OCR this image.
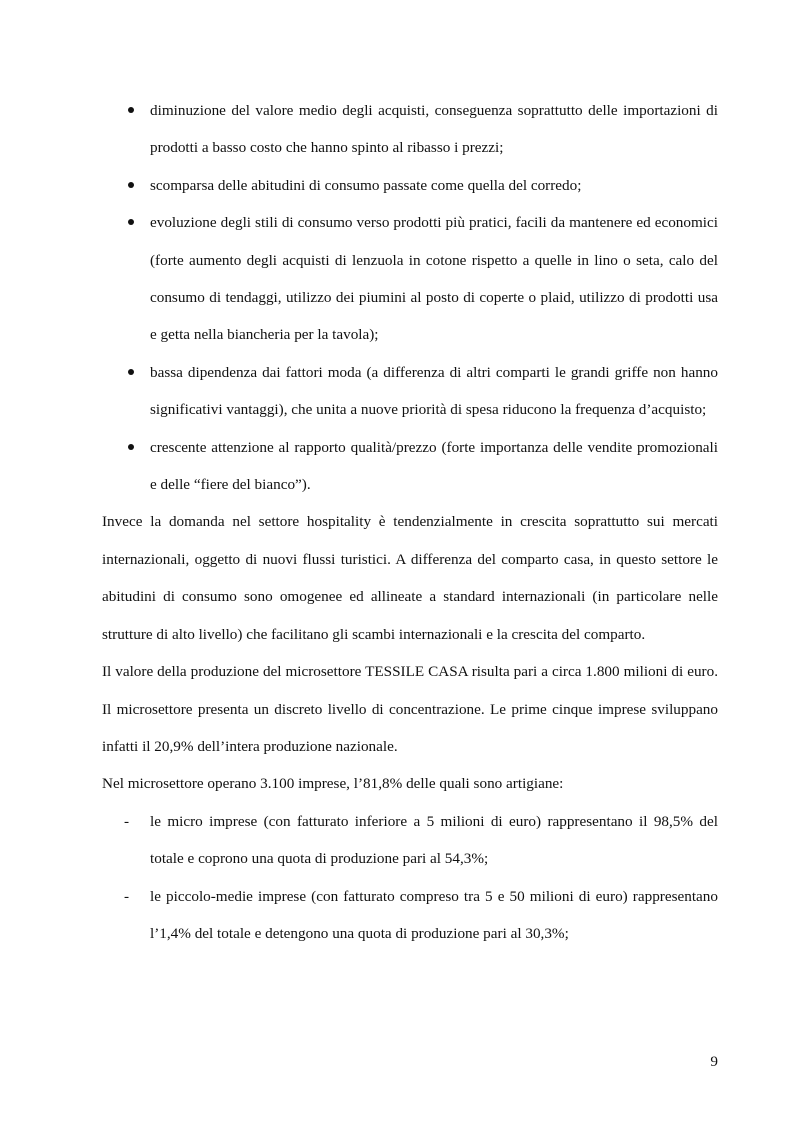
diminuzione del valore medio degli acquisti, conseguenza soprattutto delle importazioni di prodotti a basso costo che hanno spinto al ribasso i prezzi;
scomparsa delle abitudini di consumo passate come quella del corredo;
evoluzione degli stili di consumo verso prodotti più pratici, facili da mantenere ed economici (forte aumento degli acquisti di lenzuola in cotone rispetto a quelle in lino o seta, calo del consumo di tendaggi, utilizzo dei piumini al posto di coperte o plaid, utilizzo di prodotti usa e getta nella biancheria per la tavola);
bassa dipendenza dai fattori moda (a differenza di altri comparti le grandi griffe non hanno significativi vantaggi), che unita a nuove priorità di spesa riducono la frequenza d’acquisto;
crescente attenzione al rapporto qualità/prezzo (forte importanza delle vendite promozionali e delle “fiere del bianco”).

Invece la domanda nel settore hospitality è tendenzialmente in crescita soprattutto sui mercati internazionali, oggetto di nuovi flussi turistici. A differenza del comparto casa, in questo settore le abitudini di consumo sono omogenee ed allineate a standard internazionali (in particolare nelle strutture di alto livello) che facilitano gli scambi internazionali e la crescita del comparto.

Il valore della produzione del microsettore TESSILE CASA risulta pari a circa 1.800 milioni di euro. Il microsettore presenta un discreto livello di concentrazione. Le prime cinque imprese sviluppano infatti il 20,9% dell’intera produzione nazionale.

Nel microsettore operano 3.100 imprese, l’81,8% delle quali sono artigiane:

- le micro imprese (con fatturato inferiore a 5 milioni di euro) rappresentano il 98,5% del totale e coprono una quota di produzione pari al 54,3%;
- le piccolo-medie imprese (con fatturato compreso tra 5 e 50 milioni di euro) rappresentano l’1,4% del totale e detengono una quota di produzione pari al 30,3%;
9
